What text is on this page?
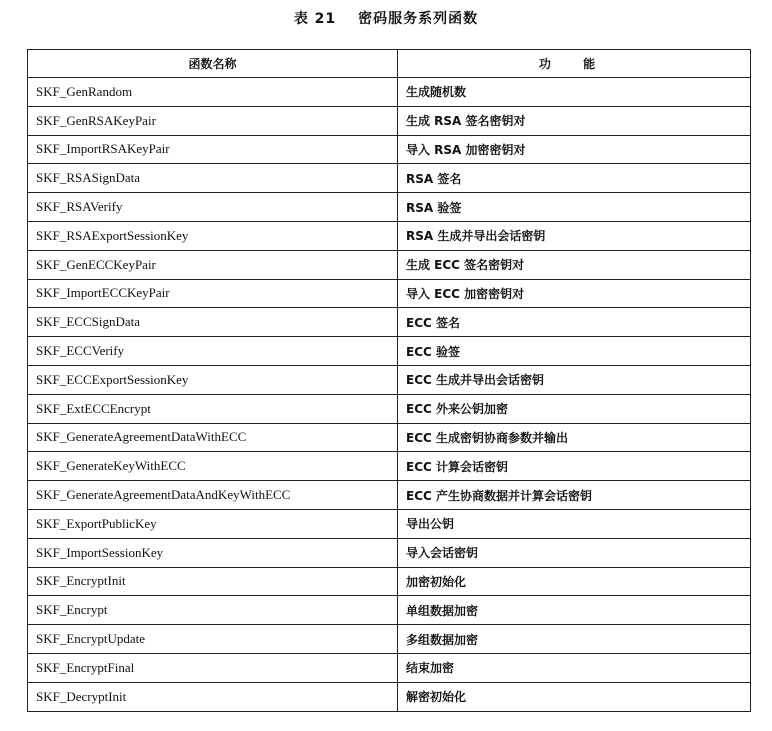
表 21 密码服务系列函数
函数名称	功 能
SKF_GenRandom	生成随机数
SKF_GenRSAKeyPair	生成 RSA 签名密钥对
SKF_ImportRSAKeyPair	导入 RSA 加密密钥对
SKF_RSASignData	RSA 签名
SKF_RSAVerify	RSA 验签
SKF_RSAExportSessionKey	RSA 生成并导出会话密钥
SKF_GenECCKeyPair	生成 ECC 签名密钥对
SKF_ImportECCKeyPair	导入 ECC 加密密钥对
SKF_ECCSignData	ECC 签名
SKF_ECCVerify	ECC 验签
SKF_ECCExportSessionKey	ECC 生成并导出会话密钥
SKF_ExtECCEncrypt	ECC 外来公钥加密
SKF_GenerateAgreementDataWithECC	ECC 生成密钥协商参数并输出
SKF_GenerateKeyWithECC	ECC 计算会话密钥
SKF_GenerateAgreementDataAndKeyWithECC	ECC 产生协商数据并计算会话密钥
SKF_ExportPublicKey	导出公钥
SKF_ImportSessionKey	导入会话密钥
SKF_EncryptInit	加密初始化
SKF_Encrypt	单组数据加密
SKF_EncryptUpdate	多组数据加密
SKF_EncryptFinal	结束加密
SKF_DecryptInit	解密初始化
